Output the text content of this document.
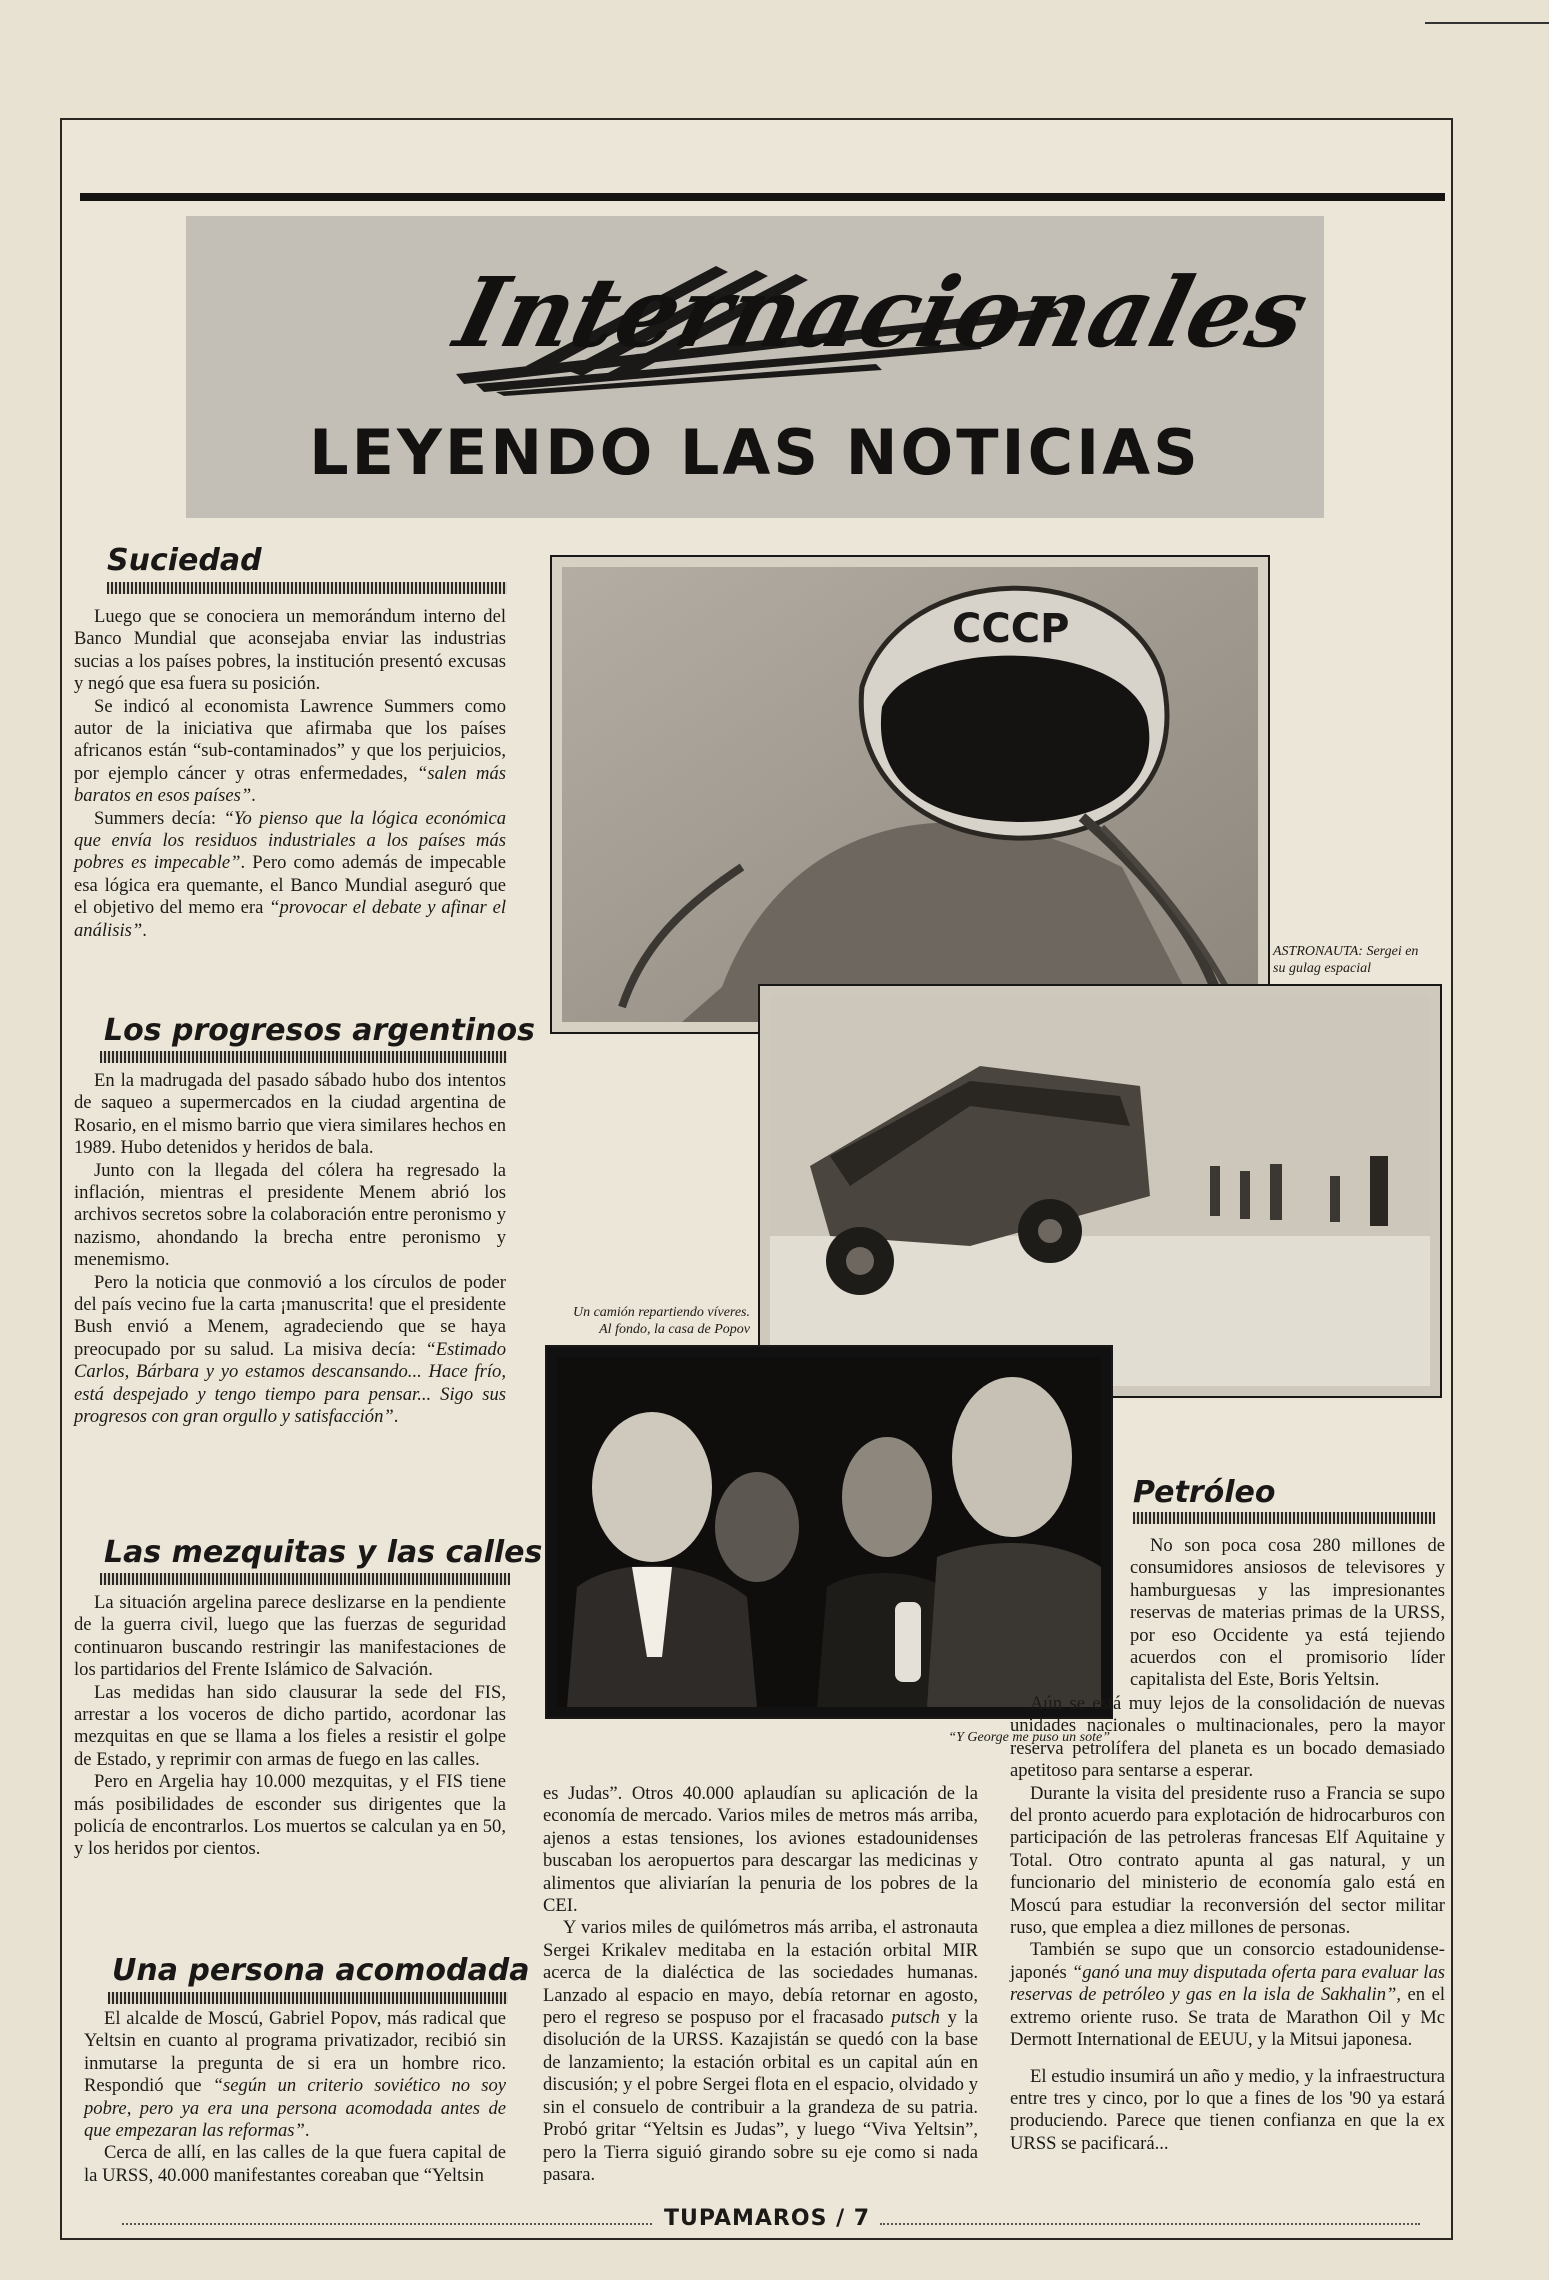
Internacionales
LEYENDO LAS NOTICIAS
Suciedad

Luego que se conociera un memorándum interno del Banco Mundial que aconsejaba enviar las industrias sucias a los países pobres, la institución presentó excusas y negó que esa fuera su posición.

Se indicó al economista Lawrence Summers como autor de la iniciativa que afirmaba que los países africanos están “sub-contaminados” y que los perjuicios, por ejemplo cáncer y otras enfermedades, “salen más baratos en esos países”.

Summers decía: “Yo pienso que la lógica económica que envía los residuos industriales a los países más pobres es impecable”. Pero como además de impecable esa lógica era quemante, el Banco Mundial aseguró que el objetivo del memo era “provocar el debate y afinar el análisis”.

Los progresos argentinos

En la madrugada del pasado sábado hubo dos intentos de saqueo a supermercados en la ciudad argentina de Rosario, en el mismo barrio que viera similares hechos en 1989. Hubo detenidos y heridos de bala.

Junto con la llegada del cólera ha regresado la inflación, mientras el presidente Menem abrió los archivos secretos sobre la colaboración entre peronismo y nazismo, ahondando la brecha entre peronismo y menemismo.

Pero la noticia que conmovió a los círculos de poder del país vecino fue la carta ¡manuscrita! que el presidente Bush envió a Menem, agradeciendo que se haya preocupado por su salud. La misiva decía: “Estimado Carlos, Bárbara y yo estamos descansando... Hace frío, está despejado y tengo tiempo para pensar... Sigo sus progresos con gran orgullo y satisfacción”.

Las mezquitas y las calles

La situación argelina parece deslizarse en la pendiente de la guerra civil, luego que las fuerzas de seguridad continuaron buscando restringir las manifestaciones de los partidarios del Frente Islámico de Salvación.

Las medidas han sido clausurar la sede del FIS, arrestar a los voceros de dicho partido, acordonar las mezquitas en que se llama a los fieles a resistir el golpe de Estado, y reprimir con armas de fuego en las calles.

Pero en Argelia hay 10.000 mezquitas, y el FIS tiene más posibilidades de esconder sus dirigentes que la policía de encontrarlos. Los muertos se calculan ya en 50, y los heridos por cientos.

Una persona acomodada

El alcalde de Moscú, Gabriel Popov, más radical que Yeltsin en cuanto al programa privatizador, recibió sin inmutarse la pregunta de si era un hombre rico. Respondió que “según un criterio soviético no soy pobre, pero ya era una persona acomodada antes de que empezaran las reformas”.

Cerca de allí, en las calles de la que fuera capital de la URSS, 40.000 manifestantes coreaban que “Yeltsin

CCCP
ASTRONAUTA: Sergei en su gulag espacial
Un camión repartiendo víveres.
Al fondo, la casa de Popov
“Y George me puso un sote”
Petróleo

No son poca cosa 280 millones de consumidores ansiosos de televisores y hamburguesas y las impresionantes reservas de materias primas de la URSS, por eso Occidente ya está tejiendo acuerdos con el promisorio líder capitalista del Este, Boris Yeltsin.

Aún se está muy lejos de la consolidación de nuevas unidades nacionales o multinacionales, pero la mayor reserva petrolífera del planeta es un bocado demasiado apetitoso para sentarse a esperar.

Durante la visita del presidente ruso a Francia se supo del pronto acuerdo para explotación de hidrocarburos con participación de las petroleras francesas Elf Aquitaine y Total. Otro contrato apunta al gas natural, y un funcionario del ministerio de economía galo está en Moscú para estudiar la reconversión del sector militar ruso, que emplea a diez millones de personas.

También se supo que un consorcio estadounidense-japonés “ganó una muy disputada oferta para evaluar las reservas de petróleo y gas en la isla de Sakhalin”, en el extremo oriente ruso. Se trata de Marathon Oil y Mc Dermott International de EEUU, y la Mitsui japonesa.

El estudio insumirá un año y medio, y la infraestructura entre tres y cinco, por lo que a fines de los '90 ya estará produciendo. Parece que tienen confianza en que la ex URSS se pacificará...

es Judas”. Otros 40.000 aplaudían su aplicación de la economía de mercado. Varios miles de metros más arriba, ajenos a estas tensiones, los aviones estadounidenses buscaban los aeropuertos para descargar las medicinas y alimentos que aliviarían la penuria de los pobres de la CEI.

Y varios miles de quilómetros más arriba, el astronauta Sergei Krikalev meditaba en la estación orbital MIR acerca de la dialéctica de las sociedades humanas. Lanzado al espacio en mayo, debía retornar en agosto, pero el regreso se pospuso por el fracasado putsch y la disolución de la URSS. Kazajistán se quedó con la base de lanzamiento; la estación orbital es un capital aún en discusión; y el pobre Sergei flota en el espacio, olvidado y sin el consuelo de contribuir a la grandeza de su patria. Probó gritar “Yeltsin es Judas”, y luego “Viva Yeltsin”, pero la Tierra siguió girando sobre su eje como si nada pasara.

TUPAMAROS / 7
